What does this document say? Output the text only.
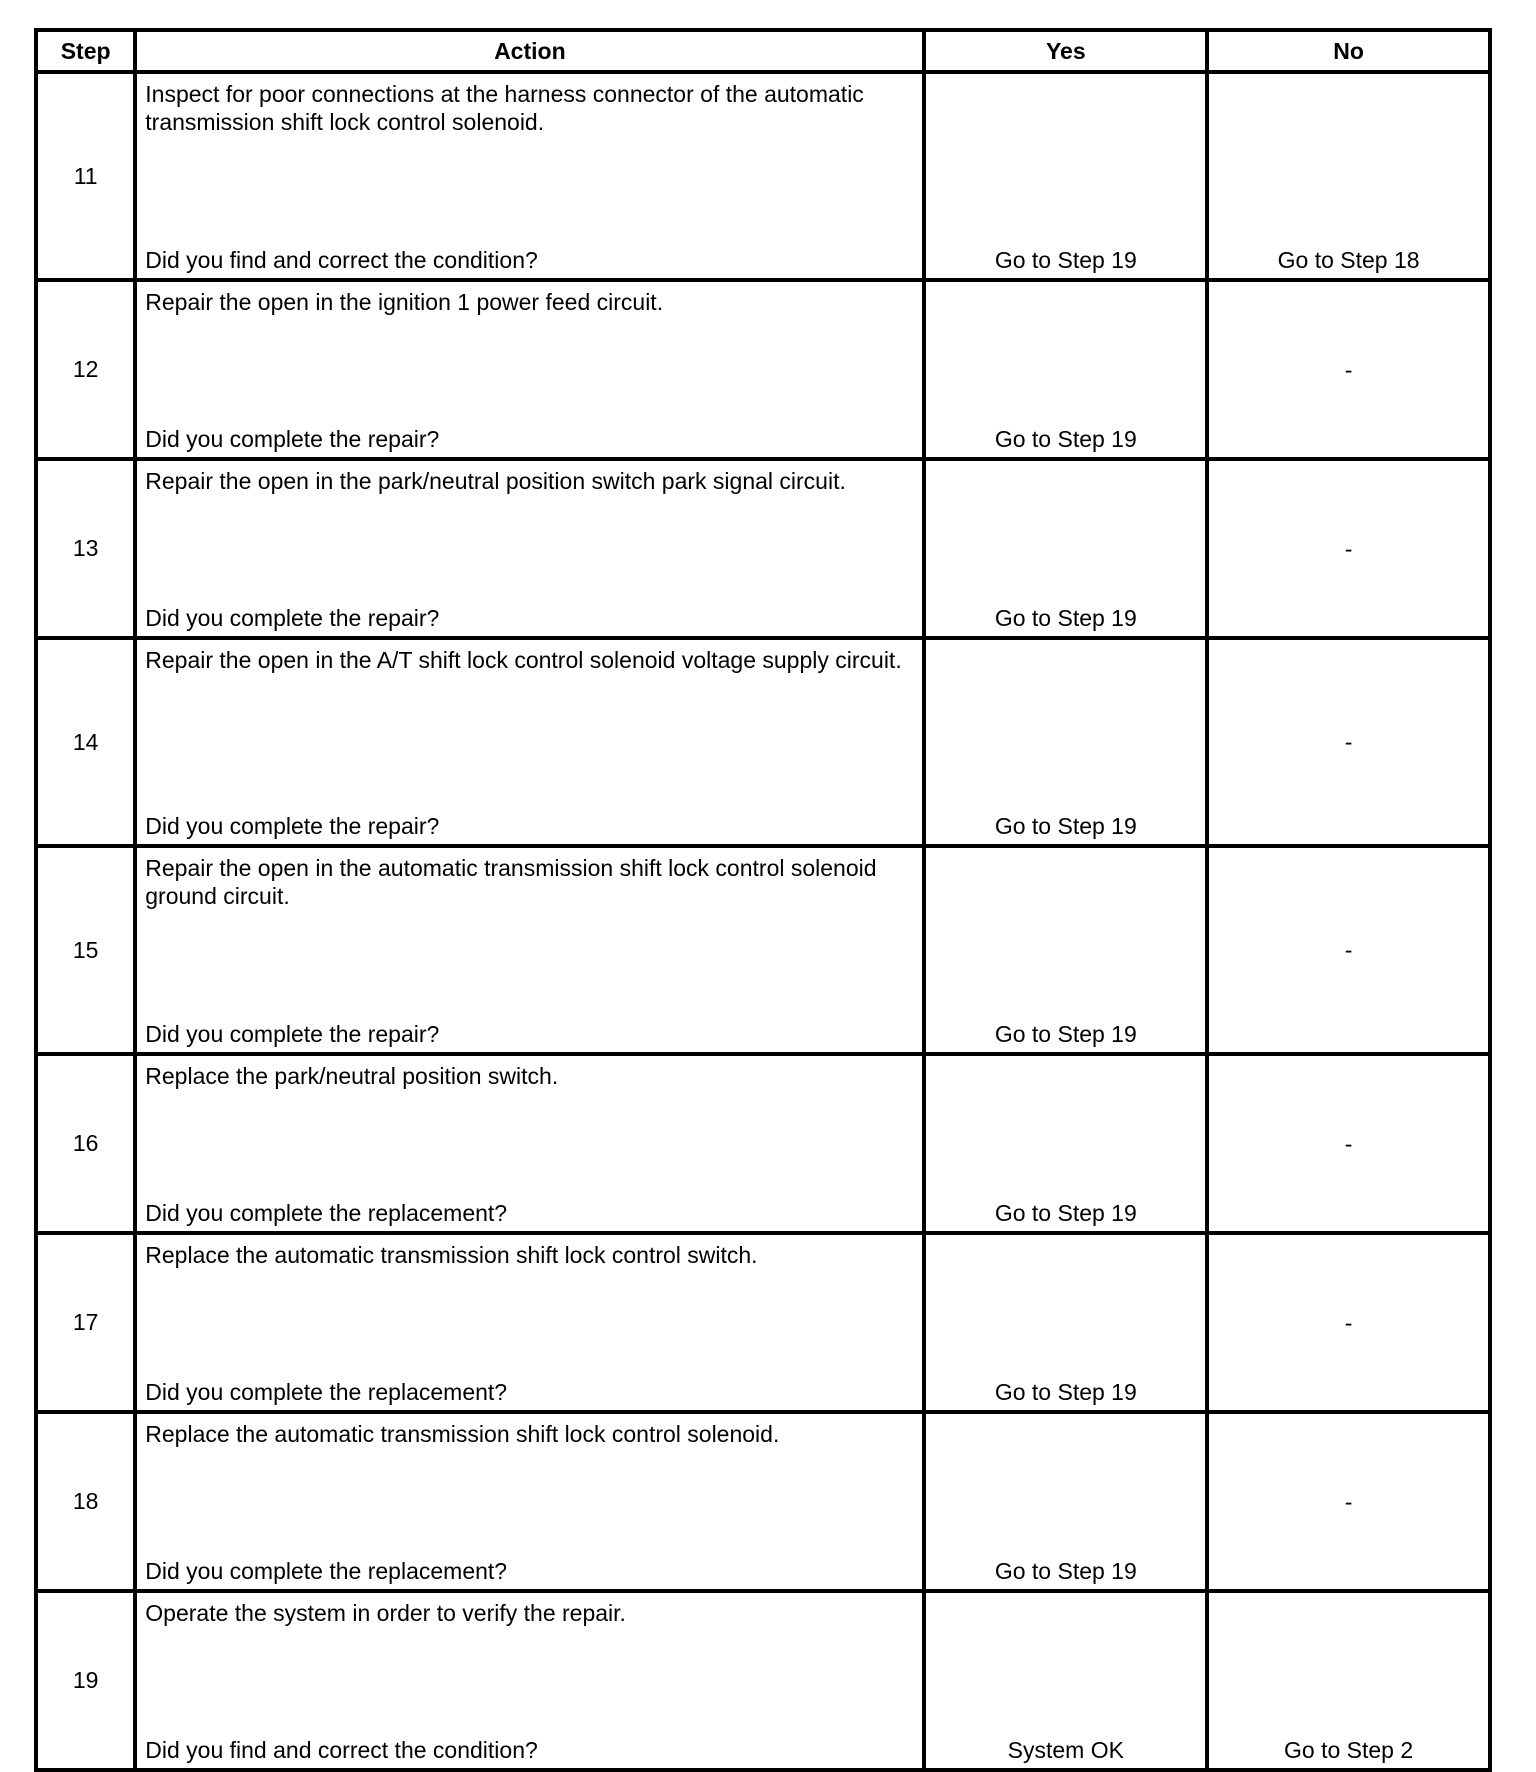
Step	Action	Yes	No
11	Inspect for poor connections at the harness connector of the automatic transmission shift lock control solenoid.
Did you find and correct the condition?	Go to Step 19	Go to Step 18

12	Repair the open in the ignition 1 power feed circuit.
Did you complete the repair?	Go to Step 19	-

13	Repair the open in the park/neutral position switch park signal circuit.
Did you complete the repair?	Go to Step 19	-

14	Repair the open in the A/T shift lock control solenoid voltage supply circuit.
Did you complete the repair?	Go to Step 19	-

15	Repair the open in the automatic transmission shift lock control solenoid ground circuit.
Did you complete the repair?	Go to Step 19	-

16	Replace the park/neutral position switch.
Did you complete the replacement?	Go to Step 19	-

17	Replace the automatic transmission shift lock control switch.
Did you complete the replacement?	Go to Step 19	-

18	Replace the automatic transmission shift lock control solenoid.
Did you complete the replacement?	Go to Step 19	-

19	Operate the system in order to verify the repair.
Did you find and correct the condition?	System OK	Go to Step 2
